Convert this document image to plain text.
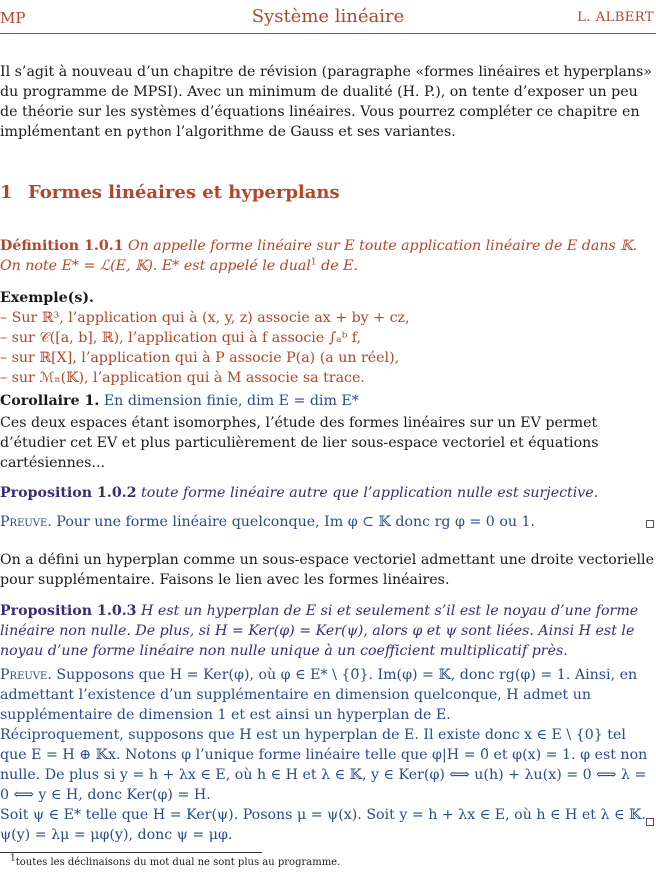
MP	Système linéaire	L. ALBERT

Il s’agit à nouveau d’un chapitre de révision (paragraphe «formes linéaires et hyperplans» du programme de MPSI). Avec un minimum de dualité (H. P.), on tente d’exposer un peu de théorie sur les systèmes d’équations linéaires. Vous pourrez compléter ce chapitre en implémentant en python l’algorithme de Gauss et ses variantes.

1 Formes linéaires et hyperplans

Définition 1.0.1 On appelle forme linéaire sur E toute application linéaire de E dans 𝕂. On note E* = ℒ(E, 𝕂). E* est appelé le dual$^1$ de E.

Exemple(s).
– Sur ℝ³, l’application qui à (x, y, z) associe ax + by + cz,
– sur 𝒞([a, b], ℝ), l’application qui à f associe ∫ₐᵇ f,
– sur ℝ[X], l’application qui à P associe P(a) (a un réel),
– sur ℳₙ(𝕂), l’application qui à M associe sa trace.

Corollaire 1. En dimension finie, dim E = dim E*

Ces deux espaces étant isomorphes, l’étude des formes linéaires sur un EV permet d’étudier cet EV et plus particulièrement de lier sous-espace vectoriel et équations cartésiennes...

Proposition 1.0.2 toute forme linéaire autre que l’application nulle est surjective.

Preuve. Pour une forme linéaire quelconque, Im φ ⊂ 𝕂 donc rg φ = 0 ou 1.

On a défini un hyperplan comme un sous-espace vectoriel admettant une droite vectorielle pour supplémentaire. Faisons le lien avec les formes linéaires.

Proposition 1.0.3 H est un hyperplan de E si et seulement s’il est le noyau d’une forme linéaire non nulle. De plus, si H = Ker(φ) = Ker(ψ), alors φ et ψ sont liées. Ainsi H est le noyau d’une forme linéaire non nulle unique à un coefficient multiplicatif près.

Preuve. Supposons que H = Ker(φ), où φ ∈ E* \ {0̃}. Im(φ) = 𝕂, donc rg(φ) = 1. Ainsi, en admettant l’existence d’un supplémentaire en dimension quelconque, H admet un supplémentaire de dimension 1 et est ainsi un hyperplan de E.
Réciproquement, supposons que H est un hyperplan de E. Il existe donc x ∈ E \ {0} tel que E = H ⊕ 𝕂x. Notons φ l’unique forme linéaire telle que φ|H = 0̃ et φ(x) = 1. φ est non nulle. De plus si y = h + λx ∈ E, où h ∈ H et λ ∈ 𝕂, y ∈ Ker(φ) ⟺ u(h) + λu(x) = 0 ⟺ λ = 0 ⟺ y ∈ H, donc Ker(φ) = H.
Soit ψ ∈ E* telle que H = Ker(ψ). Posons μ = ψ(x). Soit y = h + λx ∈ E, où h ∈ H et λ ∈ 𝕂. ψ(y) = λμ = μφ(y), donc ψ = μφ.
$^1$toutes les déclinaisons du mot dual ne sont plus au programme.
